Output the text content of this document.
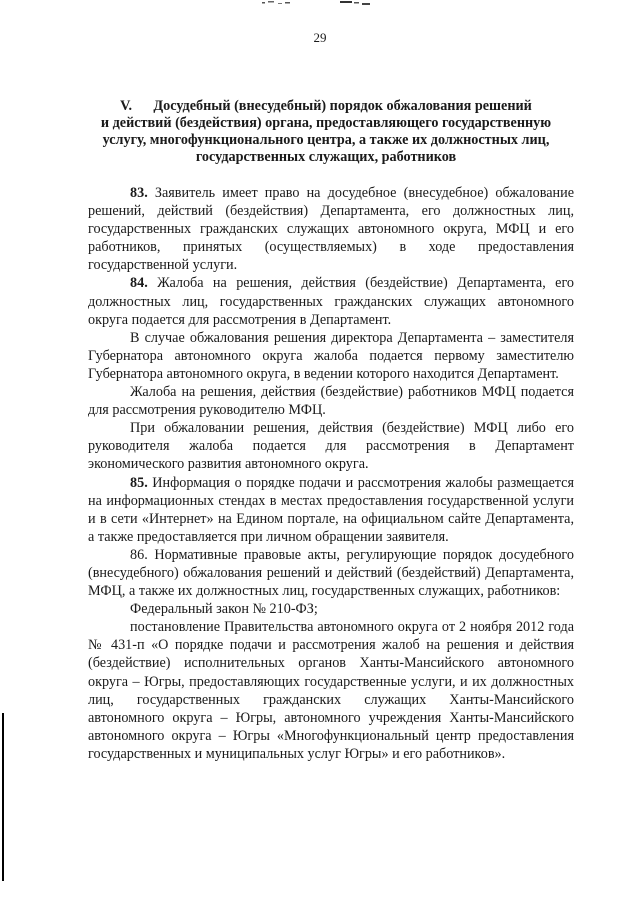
29
V.      Досудебный (внесудебный) порядок обжалования решений
и действий (бездействия) органа, предоставляющего государственную
услугу, многофункционального центра, а также их должностных лиц,
государственных служащих, работников

83. Заявитель имеет право на досудебное (внесудебное) обжалование решений, действий (бездействия) Департамента, его должностных лиц, государственных гражданских служащих автономного округа, МФЦ и его работников, принятых (осуществляемых) в ходе предоставления государственной услуги.

84. Жалоба на решения, действия (бездействие) Департамента, его должностных лиц, государственных гражданских служащих автономного округа подается для рассмотрения в Департамент.

В случае обжалования решения директора Департамента – заместителя Губернатора автономного округа жалоба подается первому заместителю Губернатора автономного округа, в ведении которого находится Департамент.

Жалоба на решения, действия (бездействие) работников МФЦ подается для рассмотрения руководителю МФЦ.

При обжаловании решения, действия (бездействие) МФЦ либо его руководителя жалоба подается для рассмотрения в Департамент экономического развития автономного округа.

85. Информация о порядке подачи и рассмотрения жалобы размещается на информационных стендах в местах предоставления государственной услуги и в сети «Интернет» на Едином портале, на официальном сайте Департамента, а также предоставляется при личном обращении заявителя.

86. Нормативные правовые акты, регулирующие порядок досудебного (внесудебного) обжалования решений и действий (бездействий) Департамента, МФЦ, а также их должностных лиц, государственных служащих, работников:

Федеральный закон № 210-ФЗ;

постановление Правительства автономного округа от 2 ноября 2012 года № 431-п «О порядке подачи и рассмотрения жалоб на решения и действия (бездействие) исполнительных органов Ханты-Мансийского автономного округа – Югры, предоставляющих государственные услуги, и их должностных лиц, государственных гражданских служащих Ханты-Мансийского автономного округа – Югры, автономного учреждения Ханты-Мансийского автономного округа – Югры «Многофункциональный центр предоставления государственных и муниципальных услуг Югры» и его работников».
